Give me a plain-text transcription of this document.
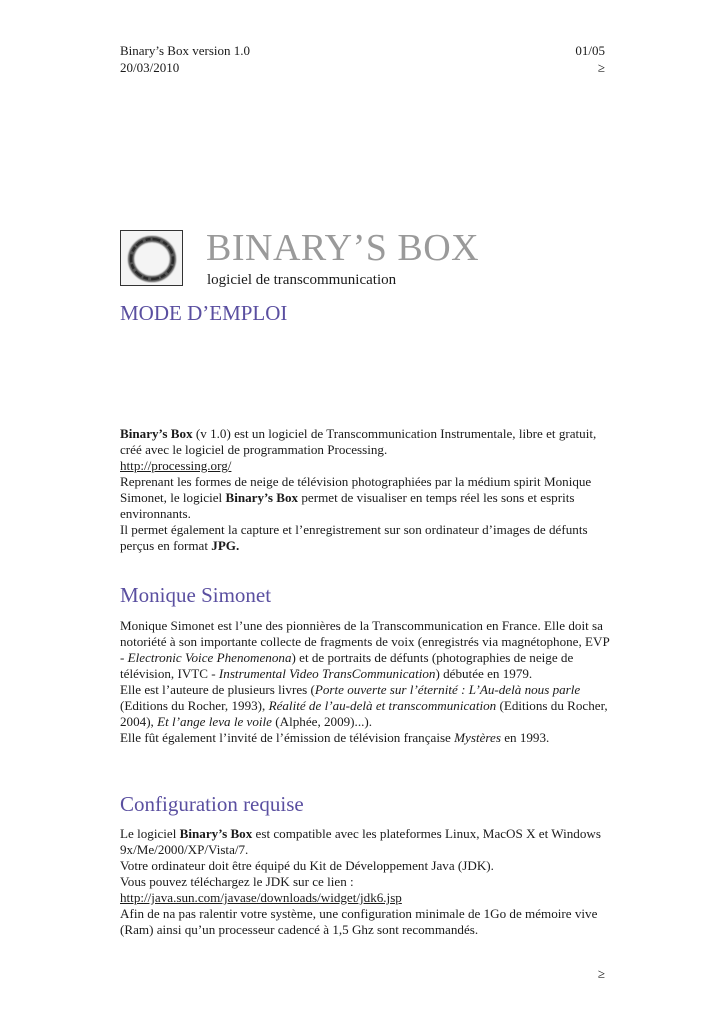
Binary’s Box version 1.0
20/03/2010
01/05
≥
BINARY’S BOX
logiciel de transcommunication
MODE D’EMPLOI

Binary’s Box (v 1.0) est un logiciel de Transcommunication Instrumentale, libre et gratuit, créé avec le logiciel de programmation Processing.

http://processing.org/

Reprenant les formes de neige de télévision photographiées par la médium spirit Monique Simonet, le logiciel Binary’s Box permet de visualiser en temps réel les sons et esprits environnants.

Il permet également la capture et l’enregistrement sur son ordinateur d’images de défunts perçus en format JPG.

Monique Simonet

Monique Simonet est l’une des pionnières de la Transcommunication en France. Elle doit sa notoriété à son importante collecte de fragments de voix (enregistrés via magnétophone, EVP - Electronic Voice Phenomenona) et de portraits de défunts (photographies de neige de télévision, IVTC - Instrumental Video TransCommunication) débutée en 1979.

Elle est l’auteure de plusieurs livres (Porte ouverte sur l’éternité : L’Au-delà nous parle (Editions du Rocher, 1993), Réalité de l’au-delà et transcommunication (Editions du Rocher, 2004), Et l’ange leva le voile (Alphée, 2009)...).

Elle fût également l’invité de l’émission de télévision française Mystères en 1993.

Configuration requise

Le logiciel Binary’s Box est compatible avec les plateformes Linux, MacOS X et Windows 9x/Me/2000/XP/Vista/7.

Votre ordinateur doit être équipé du Kit de Développement Java (JDK).

Vous pouvez téléchargez le JDK sur ce lien :

http://java.sun.com/javase/downloads/widget/jdk6.jsp

Afin de na pas ralentir votre système, une configuration minimale de 1Go de mémoire vive (Ram) ainsi qu’un processeur cadencé à 1,5 Ghz sont recommandés.

≥
